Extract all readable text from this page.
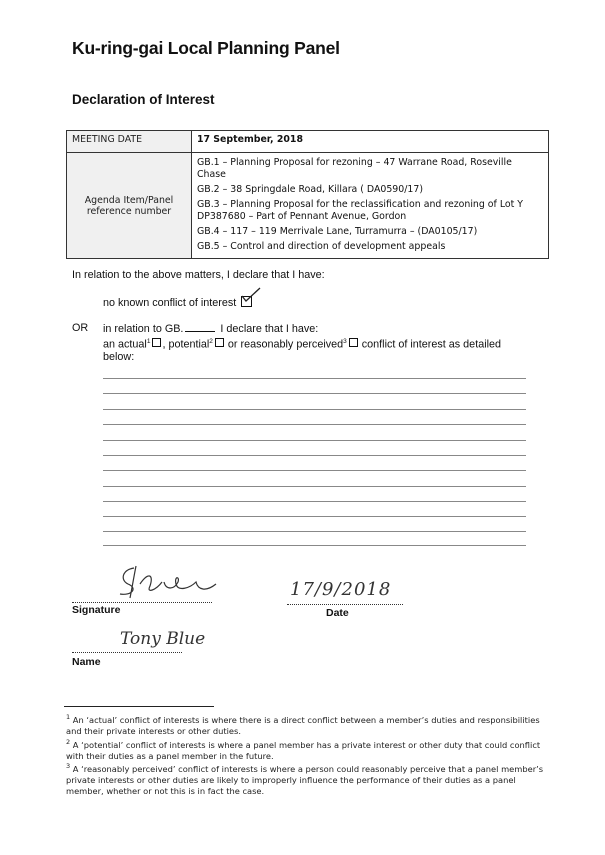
Ku-ring-gai Local Planning Panel
Declaration of Interest
MEETING DATE	17 September, 2018
Agenda Item/Panel reference number	GB.1 – Planning Proposal for rezoning – 47 Warrane Road, Roseville Chase
GB.2 – 38 Springdale Road, Killara ( DA0590/17)
GB.3 – Planning Proposal for the reclassification and rezoning of Lot Y DP387680 – Part of Pennant Avenue, Gordon
GB.4 – 117 – 119 Merrivale Lane, Turramurra – (DA0105/17)
GB.5 – Control and direction of development appeals
In relation to the above matters, I declare that I have:
no known conflict of interest
OR in relation to GB.	I declare that I have:
an actual$^1$ , potential$^2$ or reasonably perceived$^3$ conflict of interest as detailed
below:
Signature
17/9/2018
Date
Tony Blue
Name
$^1$ An ‘actual’ conflict of interests is where there is a direct conflict between a member’s duties and responsibilities and their private interests or other duties.
$^2$ A ‘potential’ conflict of interests is where a panel member has a private interest or other duty that could conflict with their duties as a panel member in the future.
$^3$ A ‘reasonably perceived’ conflict of interests is where a person could reasonably perceive that a panel member’s private interests or other duties are likely to improperly influence the performance of their duties as a panel member, whether or not this is in fact the case.
